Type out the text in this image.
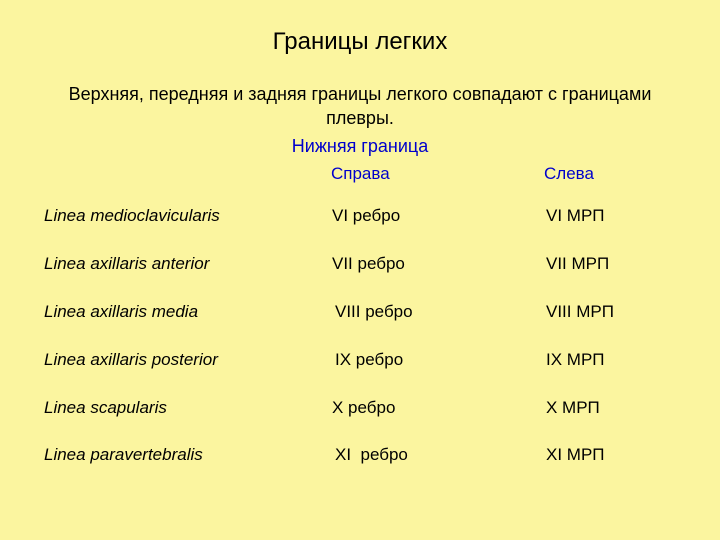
Границы легких
Верхняя, передняя и задняя границы легкого совпадают с границами плевры.
Нижняя граница
Справа	Слева
Linea medioclavicularis	VI ребро	VI МРП
Linea axillaris anterior	VII ребро	VII МРП
Linea axillaris media	VIII ребро	VIII МРП
Linea axillaris posterior	IX ребро	IX МРП
Linea scapularis	X ребро	X МРП
Linea paravertebralis	XI  ребро	XI МРП
